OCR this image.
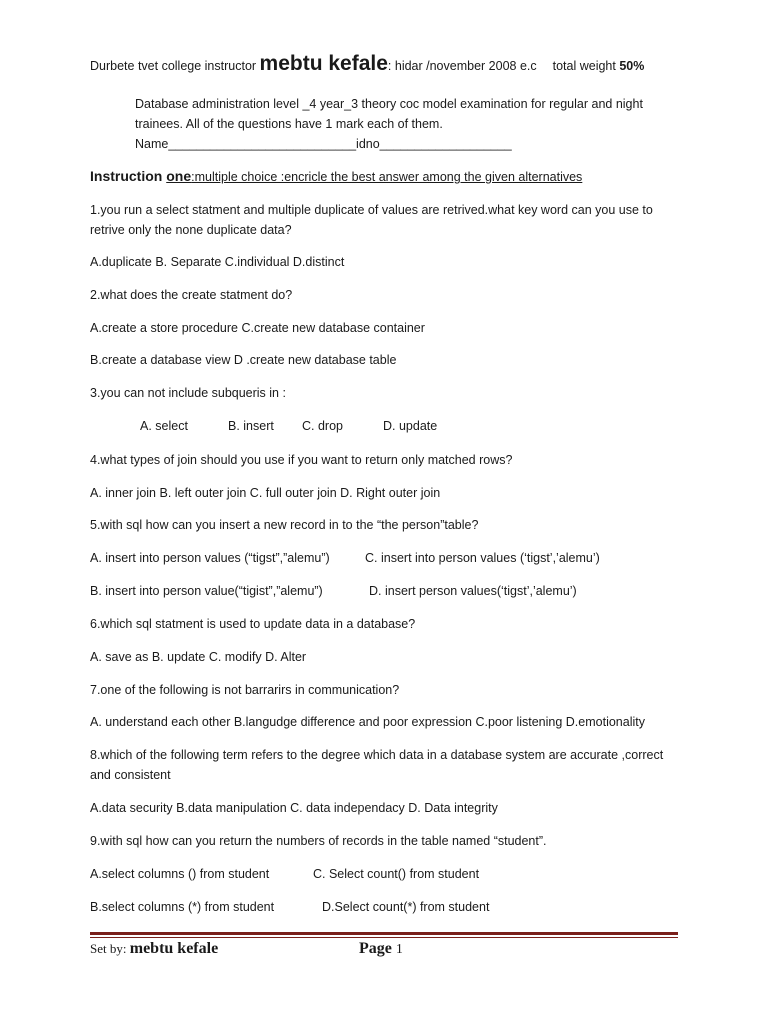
Durbete tvet college instructor mebtu kefale: hidar /november 2008 e.c total weight 50%
Database administration level _4 year_3 theory coc model examination for regular and night trainees. All of the questions have 1 mark each of them.
Name___________________________idno___________________
Instruction one:multiple choice :encricle the best answer among the given alternatives
1.you run a select statment and multiple duplicate of values are retrived.what key word can you use to retrive only the none duplicate data?
A.duplicate B. Separate C.individual D.distinct
2.what does the create statment do?
A.create a store procedure C.create new database container
B.create a database view D .create new database table
3.you can not include subqueris in :
A. select	B. insert C. drop	D. update
4.what types of join should you use if you want to return only matched rows?
A. inner join B. left outer join C. full outer join D. Right outer join
5.with sql how can you insert a new record in to the “the person”table?
A. insert into person values (“tigst”,”alemu”)	C. insert into person values (‘tigst’,’alemu’)
B. insert into person value(“tigist”,”alemu”)	D. insert person values(‘tigst’,’alemu’)
6.which sql statment is used to update data in a database?
A. save as B. update C. modify D. Alter
7.one of the following is not barrarirs in communication?
A. understand each other B.langudge difference and poor expression C.poor listening D.emotionality
8.which of the following term refers to the degree which data in a database system are accurate ,correct and consistent
A.data security B.data manipulation C. data independacy D. Data integrity
9.with sql how can you return the numbers of records in the table named “student”.
A.select columns () from student	C. Select count() from student
B.select columns (*) from student	D.Select count(*) from student
Set by: mebtu kefale	Page 1
